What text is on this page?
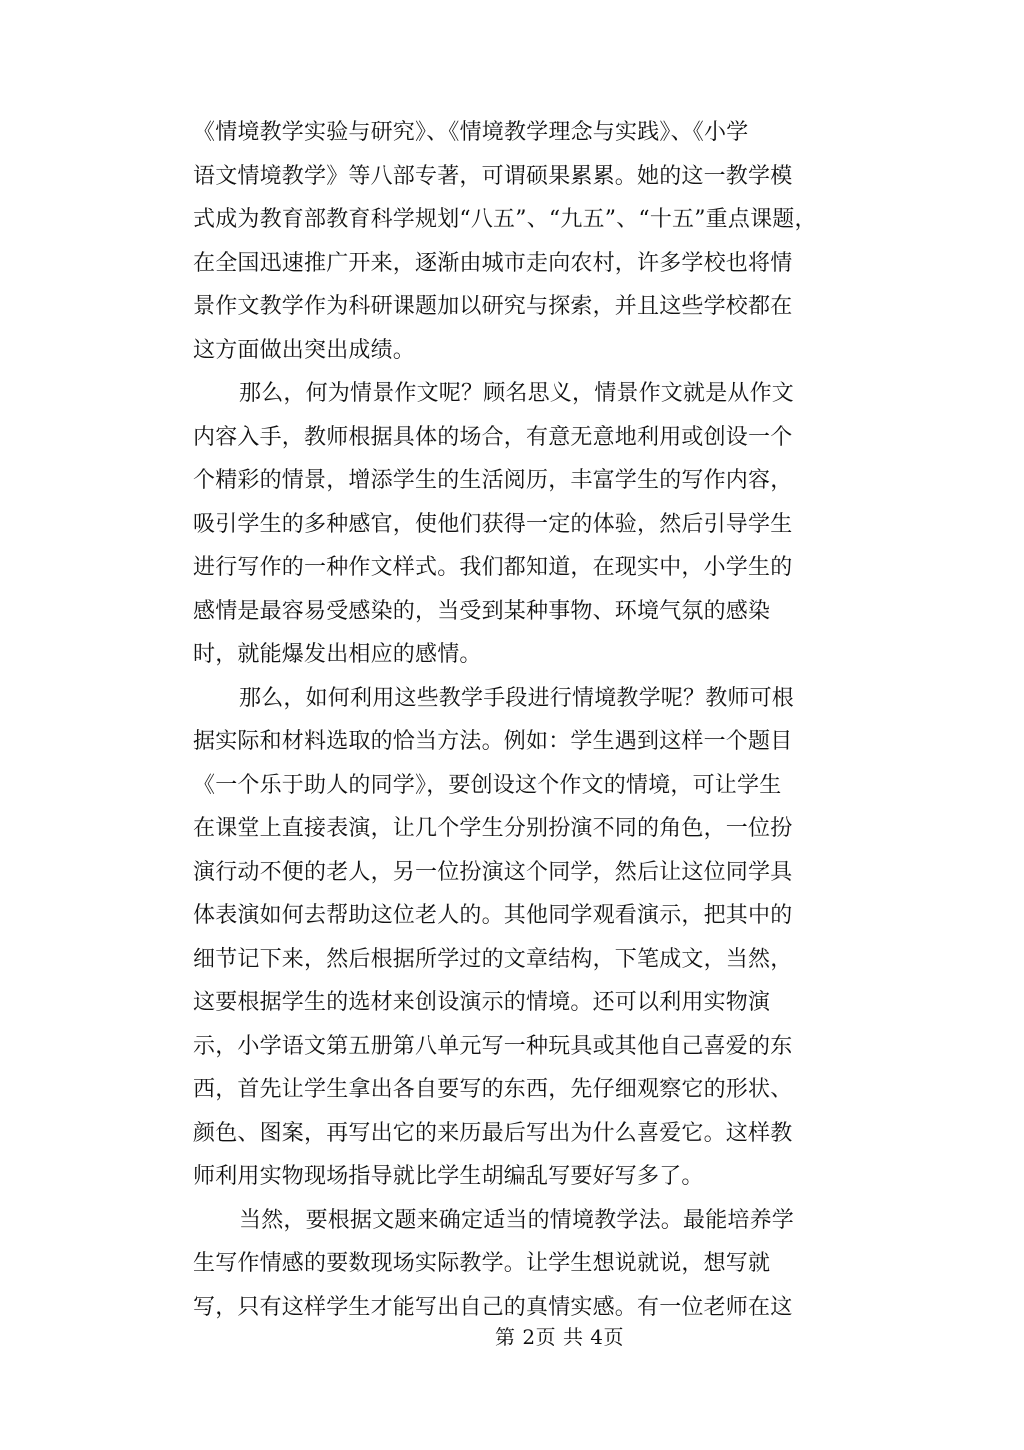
《情境教学实验与研究》、《情境教学理念与实践》、《小学
语文情境教学》等八部专著，可谓硕果累累。她的这一教学模
式成为教育部教育科学规划“八五”、“九五”、“十五”重点课题，
在全国迅速推广开来，逐渐由城市走向农村，许多学校也将情
景作文教学作为科研课题加以研究与探索，并且这些学校都在
这方面做出突出成绩。
那么，何为情景作文呢？顾名思义，情景作文就是从作文
内容入手，教师根据具体的场合，有意无意地利用或创设一个
个精彩的情景，增添学生的生活阅历，丰富学生的写作内容，
吸引学生的多种感官，使他们获得一定的体验，然后引导学生
进行写作的一种作文样式。我们都知道，在现实中，小学生的
感情是最容易受感染的，当受到某种事物、环境气氛的感染
时，就能爆发出相应的感情。
那么，如何利用这些教学手段进行情境教学呢？教师可根
据实际和材料选取的恰当方法。例如：学生遇到这样一个题目
《一个乐于助人的同学》，要创设这个作文的情境，可让学生
在课堂上直接表演，让几个学生分别扮演不同的角色，一位扮
演行动不便的老人，另一位扮演这个同学，然后让这位同学具
体表演如何去帮助这位老人的。其他同学观看演示，把其中的
细节记下来，然后根据所学过的文章结构，下笔成文，当然，
这要根据学生的选材来创设演示的情境。还可以利用实物演
示，小学语文第五册第八单元写一种玩具或其他自己喜爱的东
西，首先让学生拿出各自要写的东西，先仔细观察它的形状、
颜色、图案，再写出它的来历最后写出为什么喜爱它。这样教
师利用实物现场指导就比学生胡编乱写要好写多了。
当然，要根据文题来确定适当的情境教学法。最能培养学
生写作情感的要数现场实际教学。让学生想说就说，想写就
写，只有这样学生才能写出自己的真情实感。有一位老师在这
第 2页 共 4页
